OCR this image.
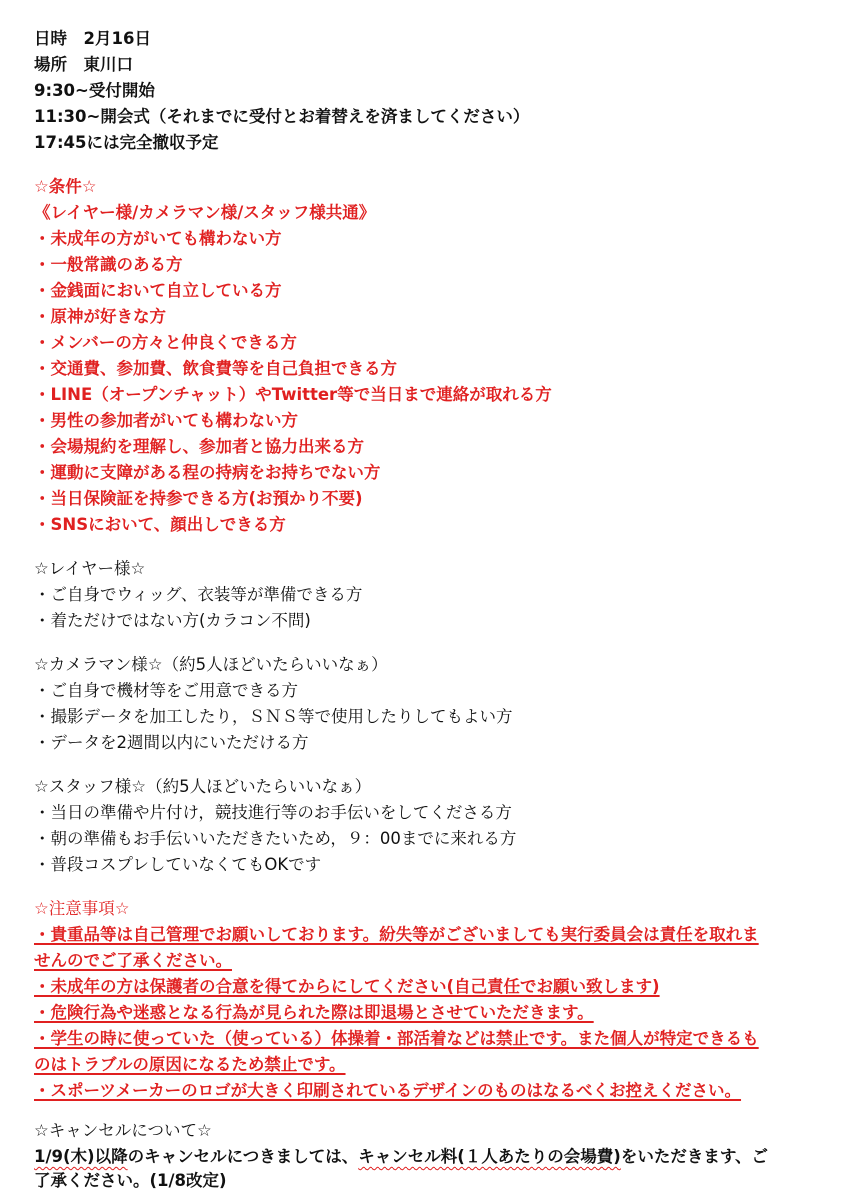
日時　2月16日
場所　東川口
9:30~受付開始
11:30~開会式（それまでに受付とお着替えを済ましてください）
17:45には完全撤収予定
☆条件☆
《レイヤー様/カメラマン様/スタッフ様共通》
・未成年の方がいても構わない方
・一般常識のある方
・金銭面において自立している方
・原神が好きな方
・メンバーの方々と仲良くできる方
・交通費、参加費、飲食費等を自己負担できる方
・LINE（オープンチャット）やTwitter等で当日まで連絡が取れる方
・男性の参加者がいても構わない方
・会場規約を理解し、参加者と協力出来る方
・運動に支障がある程の持病をお持ちでない方
・当日保険証を持参できる方(お預かり不要)
・SNSにおいて、顔出しできる方
☆レイヤー様☆
・ご自身でウィッグ、衣装等が準備できる方
・着ただけではない方(カラコン不問)
☆カメラマン様☆（約5人ほどいたらいいなぁ）
・ご自身で機材等をご用意できる方
・撮影データを加工したり，ＳＮＳ等で使用したりしてもよい方
・データを2週間以内にいただける方
☆スタッフ様☆（約5人ほどいたらいいなぁ）
・当日の準備や片付け，競技進行等のお手伝いをしてくださる方
・朝の準備もお手伝いいただきたいため，９：00までに来れる方
・普段コスプレしていなくてもOKです
☆注意事項☆
・貴重品等は自己管理でお願いしております。紛失等がございましても実行委員会は責任を取れま
せんのでご了承ください。
・未成年の方は保護者の合意を得てからにしてください(自己責任でお願い致します)
・危険行為や迷惑となる行為が見られた際は即退場とさせていただきます。
・学生の時に使っていた（使っている）体操着・部活着などは禁止です。また個人が特定できるも
のはトラブルの原因になるため禁止です。
・スポーツメーカーのロゴが大きく印刷されているデザインのものはなるべくお控えください。
☆キャンセルについて☆
1/9(木)以降のキャンセルにつきましては、キャンセル料(１人あたりの会場費)をいただきます、ご
了承ください。(1/8改定)
